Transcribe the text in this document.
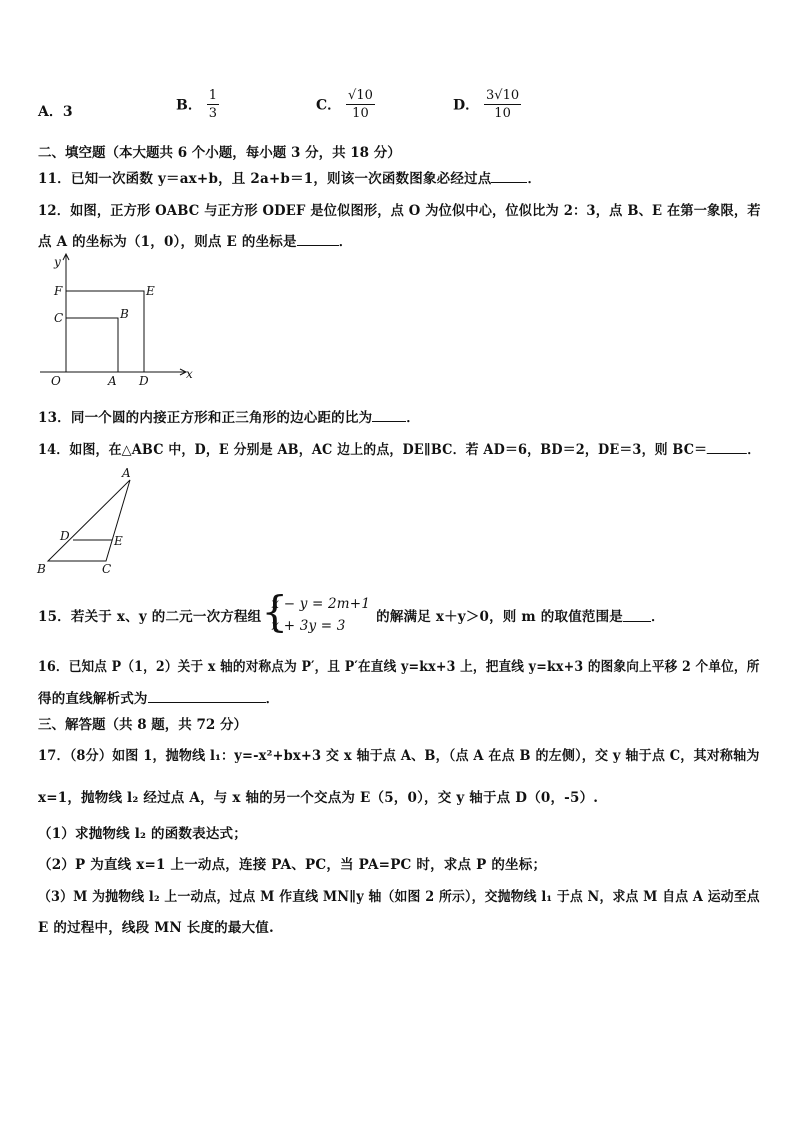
A．3	B． $\frac{1}{3}$	C． $\frac{√10}{10}$	D． $\frac{3√10}{10}$
二、填空题（本大题共 6 个小题，每小题 3 分，共 18 分）
11．已知一次函数 y＝ax+b，且 2a+b＝1，则该一次函数图象必经过点	．
12．如图，正方形 OABC 与正方形 ODEF 是位似图形，点 O 为位似中心，位似比为 2：3，点 B、E 在第一象限，若
点 A 的坐标为（1，0），则点 E 的坐标是	．
y
x
F	E
C	B
O	A D
13．同一个圆的内接正方形和正三角形的边心距的比为	．
14．如图，在△ABC 中，D，E 分别是 AB，AC 边上的点，DE∥BC．若 AD＝6，BD＝2，DE＝3，则 BC＝	．
A
D	E
B	C
15．若关于 x、y 的二元一次方程组 {
x − y = 2m+1
x + 3y = 3
的解满足 x＋y＞0，则 m 的取值范围是 ．
16．已知点 P（1，2）关于 x 轴的对称点为 P′，且 P′在直线 y=kx+3 上，把直线 y=kx+3 的图象向上平移 2 个单位，所
得的直线解析式为	．
三、解答题（共 8 题，共 72 分）
17．（8分）如图 1，抛物线 l₁：y=-x²+bx+3 交 x 轴于点 A、B，（点 A 在点 B 的左侧），交 y 轴于点 C，其对称轴为
x=1，抛物线 l₂ 经过点 A，与 x 轴的另一个交点为 E（5，0），交 y 轴于点 D（0，-5）.
（1）求抛物线 l₂ 的函数表达式；
（2）P 为直线 x=1 上一动点，连接 PA、PC，当 PA=PC 时，求点 P 的坐标；
（3）M 为抛物线 l₂ 上一动点，过点 M 作直线 MN∥y 轴（如图 2 所示），交抛物线 l₁ 于点 N，求点 M 自点 A 运动至点
E 的过程中，线段 MN 长度的最大值.
